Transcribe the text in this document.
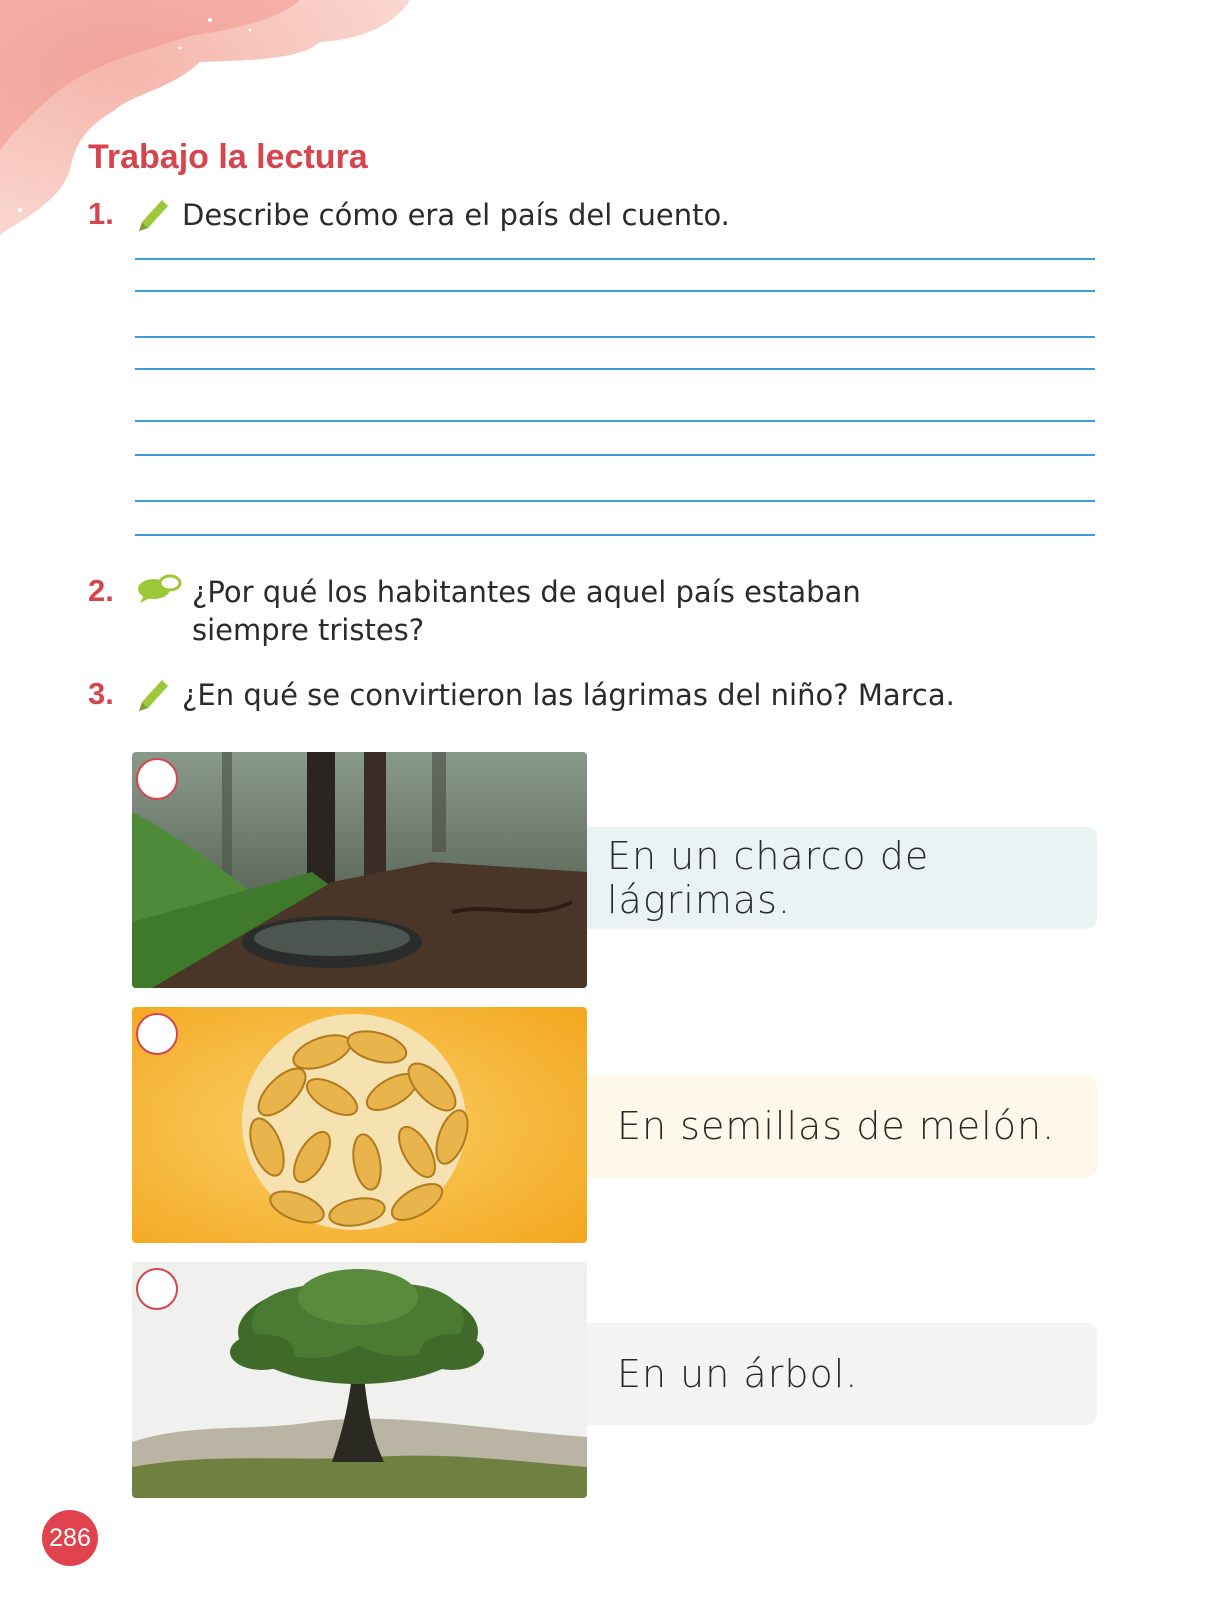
Trabajo la lectura
1.	Describe cómo era el país del cuento.
2.	¿Por qué los habitantes de aquel país estaban siempre tristes?
3.	¿En qué se convirtieron las lágrimas del niño? Marca.
En un charco de lágrimas.
En semillas de melón.
En un árbol.
286
